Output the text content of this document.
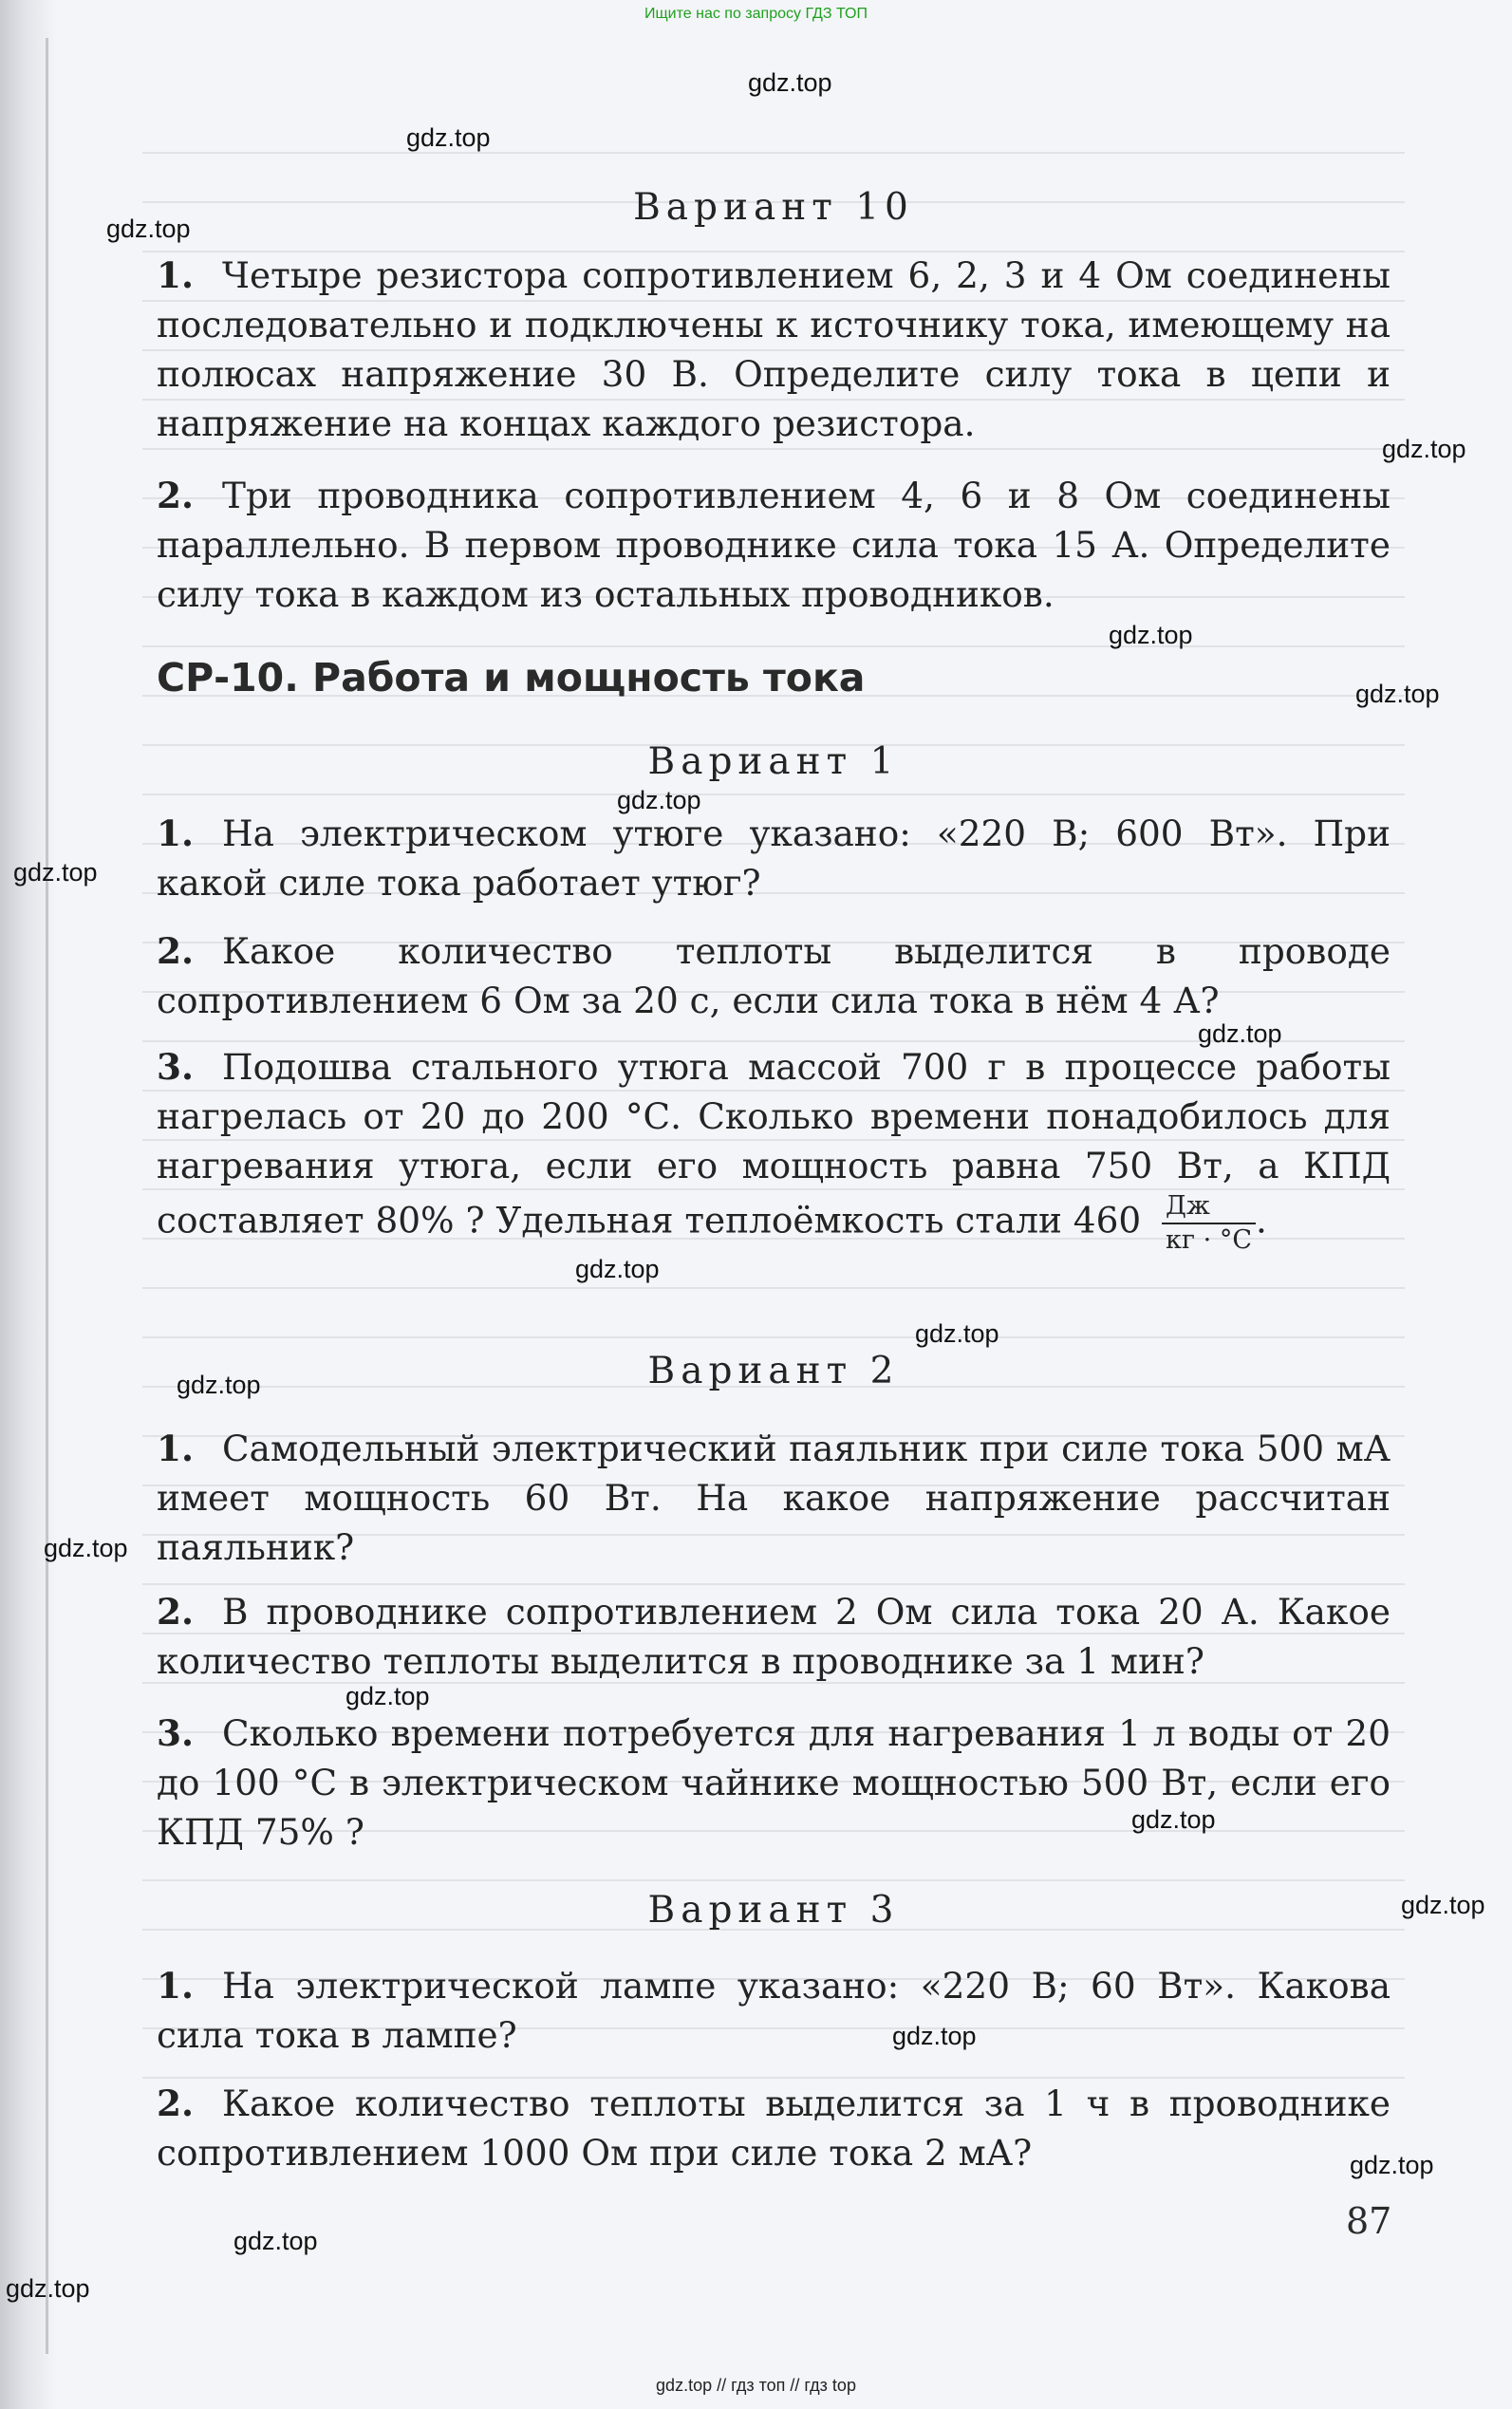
Ищите нас по запросу ГДЗ ТОП
Вариант 10
1. Четыре резистора сопротивлением 6, 2, 3 и 4 Ом соединены последовательно и подключены к источнику тока, имеющему на полюсах напряжение 30 В. Определите силу тока в цепи и напряжение на концах каждого резистора.
2. Три проводника сопротивлением 4, 6 и 8 Ом соединены параллельно. В первом проводнике сила тока 15 А. Определите силу тока в каждом из остальных проводников.
СР-10. Работа и мощность тока
Вариант 1
1. На электрическом утюге указано: «220 В; 600 Вт». При какой силе тока работает утюг?
2. Какое количество теплоты выделится в проводе сопротивлением 6 Ом за 20 с, если сила тока в нём 4 А?
3. Подошва стального утюга массой 700 г в процессе работы нагрелась от 20 до 200 °С. Сколько времени понадобилось для нагревания утюга, если его мощность равна 750 Вт, а КПД составляет 80% ? Удельная теплоёмкость стали $460 \frac{Дж}{кг \cdot ^\circ С}$ .
Вариант 2
1. Самодельный электрический паяльник при силе тока 500 мА имеет мощность 60 Вт. На какое напряжение рассчитан паяльник?
2. В проводнике сопротивлением 2 Ом сила тока 20 А. Какое количество теплоты выделится в проводнике за 1 мин?
3. Сколько времени потребуется для нагревания 1 л воды от 20 до 100 °С в электрическом чайнике мощностью 500 Вт, если его КПД 75% ?
Вариант 3
1. На электрической лампе указано: «220 В; 60 Вт». Какова сила тока в лампе?
2. Какое количество теплоты выделится за 1 ч в проводнике сопротивлением 1000 Ом при силе тока 2 мА?
87
gdz.top
gdz.top
gdz.top
gdz.top
gdz.top
gdz.top
gdz.top
gdz.top
gdz.top
gdz.top
gdz.top
gdz.top
gdz.top
gdz.top
gdz.top
gdz.top
gdz.top
gdz.top
gdz.top
gdz.top
gdz.top // гдз топ // гдз top
